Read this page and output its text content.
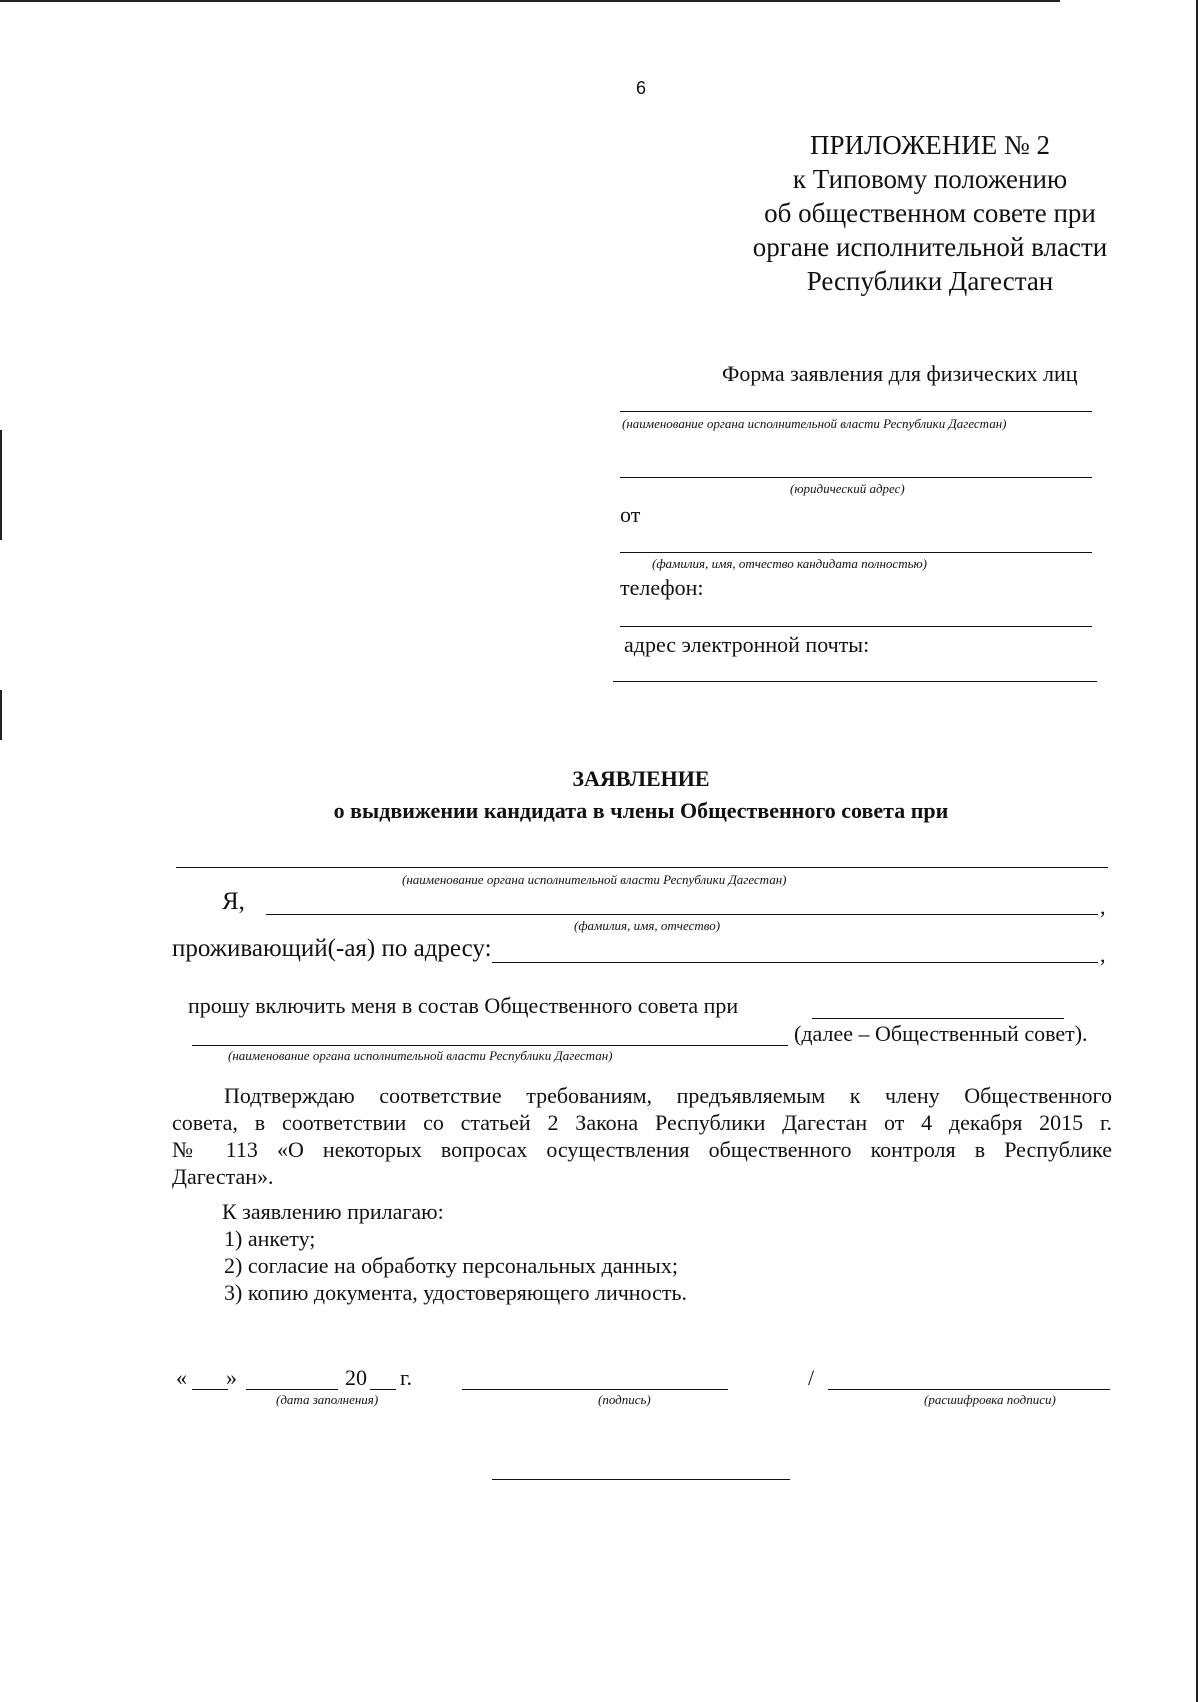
6
ПРИЛОЖЕНИЕ № 2
к Типовому положению
об общественном совете при
органе исполнительной власти
Республики Дагестан
Форма заявления для физических лиц
(наименование органа исполнительной власти Республики Дагестан)
(юридический адрес)
от
(фамилия, имя, отчество кандидата полностью)
телефон:
адрес электронной почты:
ЗАЯВЛЕНИЕ
о выдвижении кандидата в члены Общественного совета при
(наименование органа исполнительной власти Республики Дагестан)
Я,	,
(фамилия, имя, отчество)
проживающий(-ая) по адресу:	,
прошу включить меня в состав Общественного совета при
(далее – Общественный совет).
(наименование органа исполнительной власти Республики Дагестан)
Подтверждаю соответствие требованиям, предъявляемым к члену Общественного
совета, в соответствии со статьей 2 Закона Республики Дагестан от 4 декабря 2015 г.
№ 113 «О некоторых вопросах осуществления общественного контроля в Республике
Дагестан».
К заявлению прилагаю:
1) анкету;
2) согласие на обработку персональных данных;
3) копию документа, удостоверяющего личность.
« »	20 г.
(дата заполнения)	(подпись)
/
(расшифровка подписи)
